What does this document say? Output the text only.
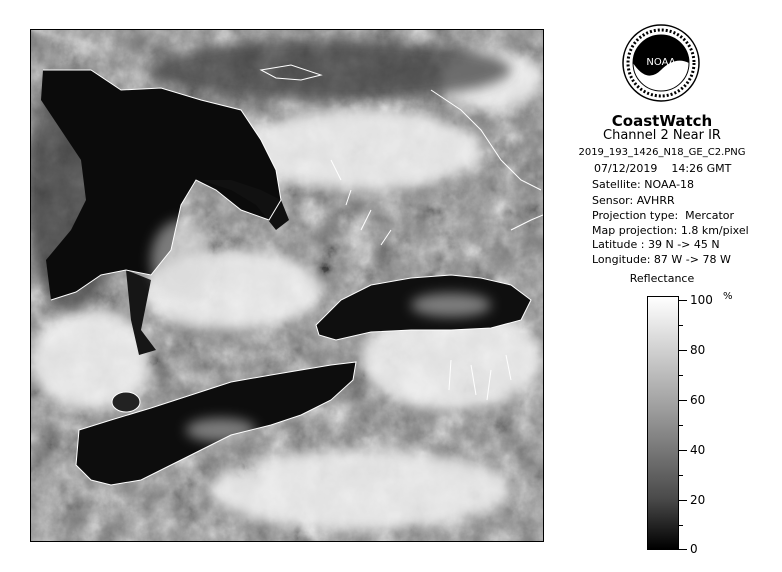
NOAA
CoastWatch
Channel 2 Near IR
2019_193_1426_N18_GE_C2.PNG
07/12/2019    14:26 GMT
Satellite: NOAA-18
Sensor: AVHRR
Projection type:  Mercator
Map projection: 1.8 km/pixel
Latitude : 39 N -> 45 N
Longitude: 87 W -> 78 W
Reflectance
%
100
80
60
40
20
0
